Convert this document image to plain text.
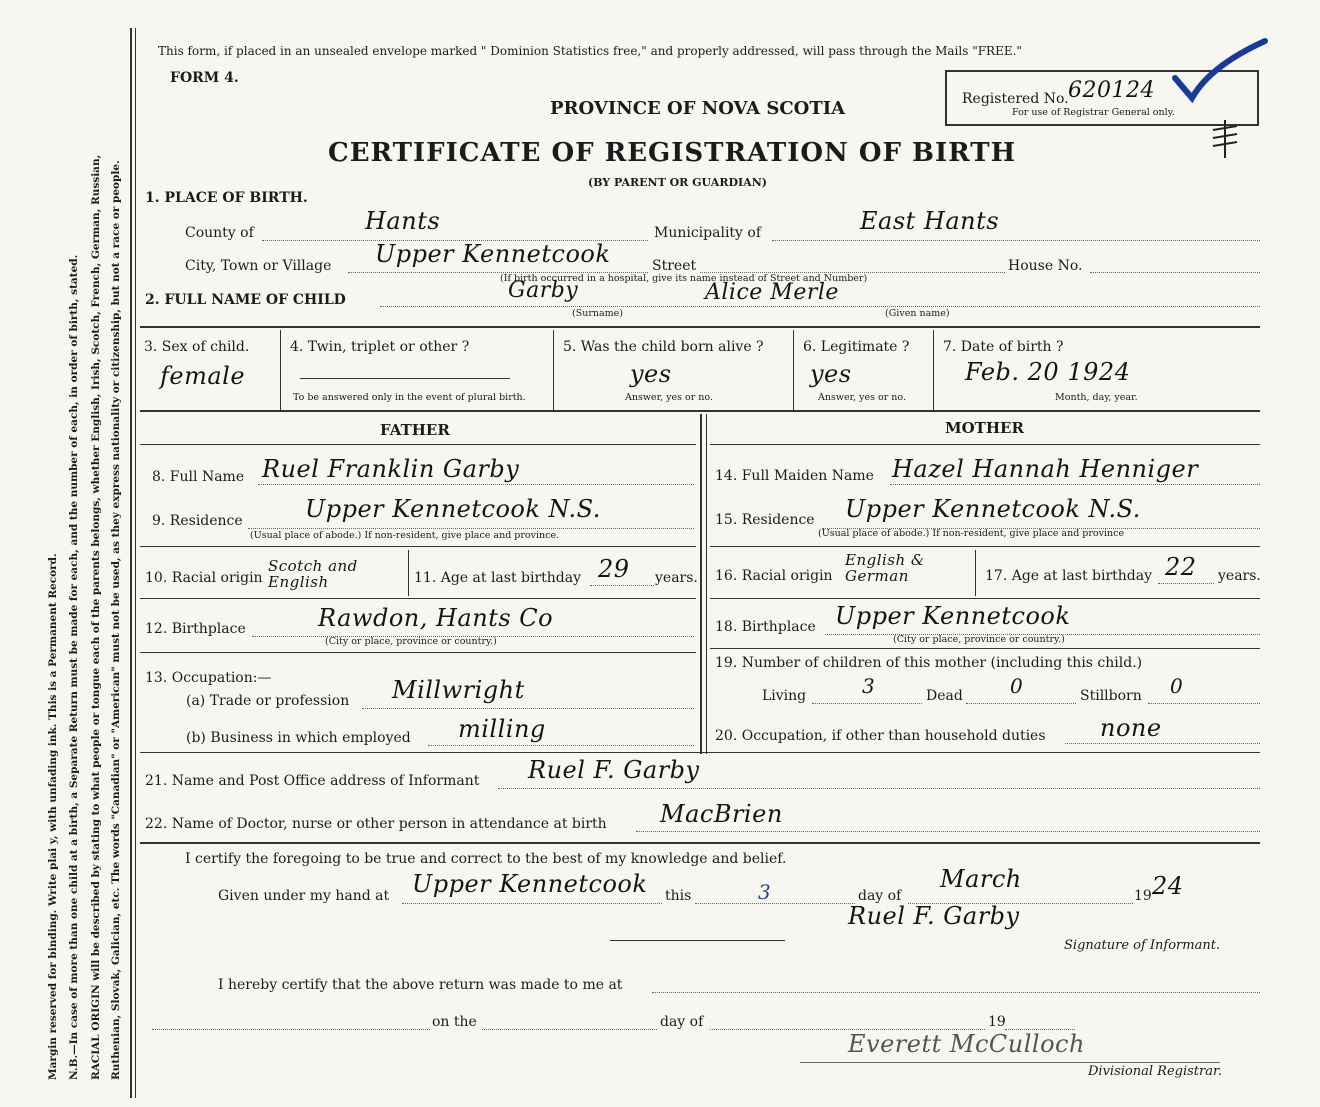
Margin reserved for binding. Write plai y, with unfading ink. This is a Permanent Record. N.B.—In case of more than one child at a birth, a Separate Return must be made for each, and the number of each, in order of birth, stated. RACIAL ORIGIN will be described by stating to what people or tongue each of the parents belongs, whether English, Irish, Scotch, French, German, Russian, Ruthenian, Slovak, Galician, etc. The words "Canadian" or "American" must not be used, as they express nationality or citizenship, but not a race or people.
This form, if placed in an unsealed envelope marked " Dominion Statistics free," and properly addressed, will pass through the Mails "FREE."
FORM 4.
PROVINCE OF NOVA SCOTIA
CERTIFICATE OF REGISTRATION OF BIRTH
(BY PARENT OR GUARDIAN)
Registered No. 620124
For use of Registrar General only.
1. PLACE OF BIRTH.
County of	Hants	Municipality of	East Hants
City, Town or Village Upper Kennetcook	Street	House No.
(If birth occurred in a hospital, give its name instead of Street and Number)
2. FULL NAME OF CHILD	Garby	Alice Merle
(Surname)	(Given name)
3. Sex of child.
female
4. Twin, triplet or other ?
To be answered only in the event of plural birth.
5. Was the child born alive ?
yes
Answer, yes or no.
6. Legitimate ?
yes
Answer, yes or no.
7. Date of birth ?
Feb. 20 1924
Month, day, year.
FATHER	MOTHER
8. Full Name Ruel Franklin Garby
9. Residence	Upper Kennetcook N.S.
(Usual place of abode.) If non-resident, give place and province.
10. Racial origin
Scotch and English	11. Age at last birthday 29 years.
12. Birthplace	Rawdon, Hants Co
(City or place, province or country.)
13. Occupation:—
(a) Trade or profession Millwright
(b) Business in which employed milling
14. Full Maiden Name Hazel Hannah Henniger
15. Residence Upper Kennetcook N.S.
(Usual place of abode.) If non-resident, give place and province
16. Racial origin
English & German	17. Age at last birthday 22 years.
18. Birthplace Upper Kennetcook
(City or place, province or country.)
19. Number of children of this mother (including this child.)
Living	3	Dead 0	Stillborn 0
20. Occupation, if other than household duties none
21. Name and Post Office address of Informant Ruel F. Garby
22. Name of Doctor, nurse or other person in attendance at birth MacBrien
I certify the foregoing to be true and correct to the best of my knowledge and belief.
Given under my hand at Upper Kennetcook this	3	day of
March
19 24
Ruel F. Garby
Signature of Informant.
I hereby certify that the above return was made to me at
on the	day of	19
Everett McCulloch
Divisional Registrar.
